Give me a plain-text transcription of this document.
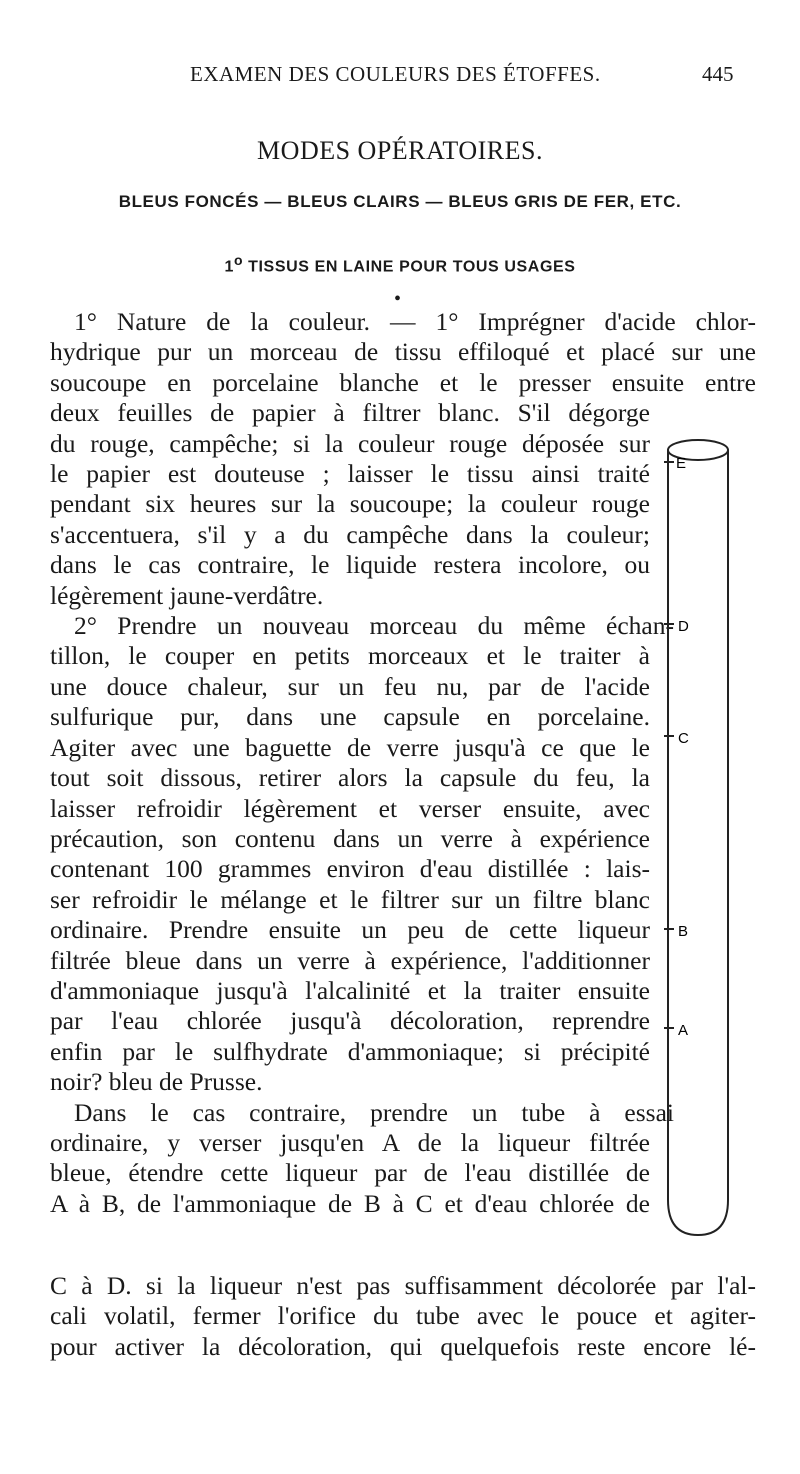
EXAMEN DES COULEURS DES ÉTOFFES.	445
MODES OPÉRATOIRES.
BLEUS FONCÉS — BLEUS CLAIRS — BLEUS GRIS DE FER, ETC.
1o TISSUS EN LAINE POUR TOUS USAGES
•
1° Nature de la couleur. — 1° Imprégner d'acide chlor-
hydrique pur un morceau de tissu effiloqué et placé sur une
soucoupe en porcelaine blanche et le presser ensuite entre
deux feuilles de papier à filtrer blanc. S'il dégorge
du rouge, campêche; si la couleur rouge déposée sur
le papier est douteuse ; laisser le tissu ainsi traité
pendant six heures sur la soucoupe; la couleur rouge
s'accentuera, s'il y a du campêche dans la couleur;
dans le cas contraire, le liquide restera incolore, ou
légèrement jaune-verdâtre.
2° Prendre un nouveau morceau du même échan-
tillon, le couper en petits morceaux et le traiter à
une douce chaleur, sur un feu nu, par de l'acide
sulfurique pur, dans une capsule en porcelaine.
Agiter avec une baguette de verre jusqu'à ce que le
tout soit dissous, retirer alors la capsule du feu, la
laisser refroidir légèrement et verser ensuite, avec
précaution, son contenu dans un verre à expérience
contenant 100 grammes environ d'eau distillée : lais-
ser refroidir le mélange et le filtrer sur un filtre blanc
ordinaire. Prendre ensuite un peu de cette liqueur
filtrée bleue dans un verre à expérience, l'additionner
d'ammoniaque jusqu'à l'alcalinité et la traiter ensuite
par l'eau chlorée jusqu'à décoloration, reprendre
enfin par le sulfhydrate d'ammoniaque; si précipité
noir? bleu de Prusse.
Dans le cas contraire, prendre un tube à essai
ordinaire, y verser jusqu'en A de la liqueur filtrée
bleue, étendre cette liqueur par de l'eau distillée de
A à B, de l'ammoniaque de B à C et d'eau chlorée de
C à D. si la liqueur n'est pas suffisamment décolorée par l'al-
cali volatil, fermer l'orifice du tube avec le pouce et agiter-
pour activer la décoloration, qui quelquefois reste encore lé-
E
D
C
B
A
